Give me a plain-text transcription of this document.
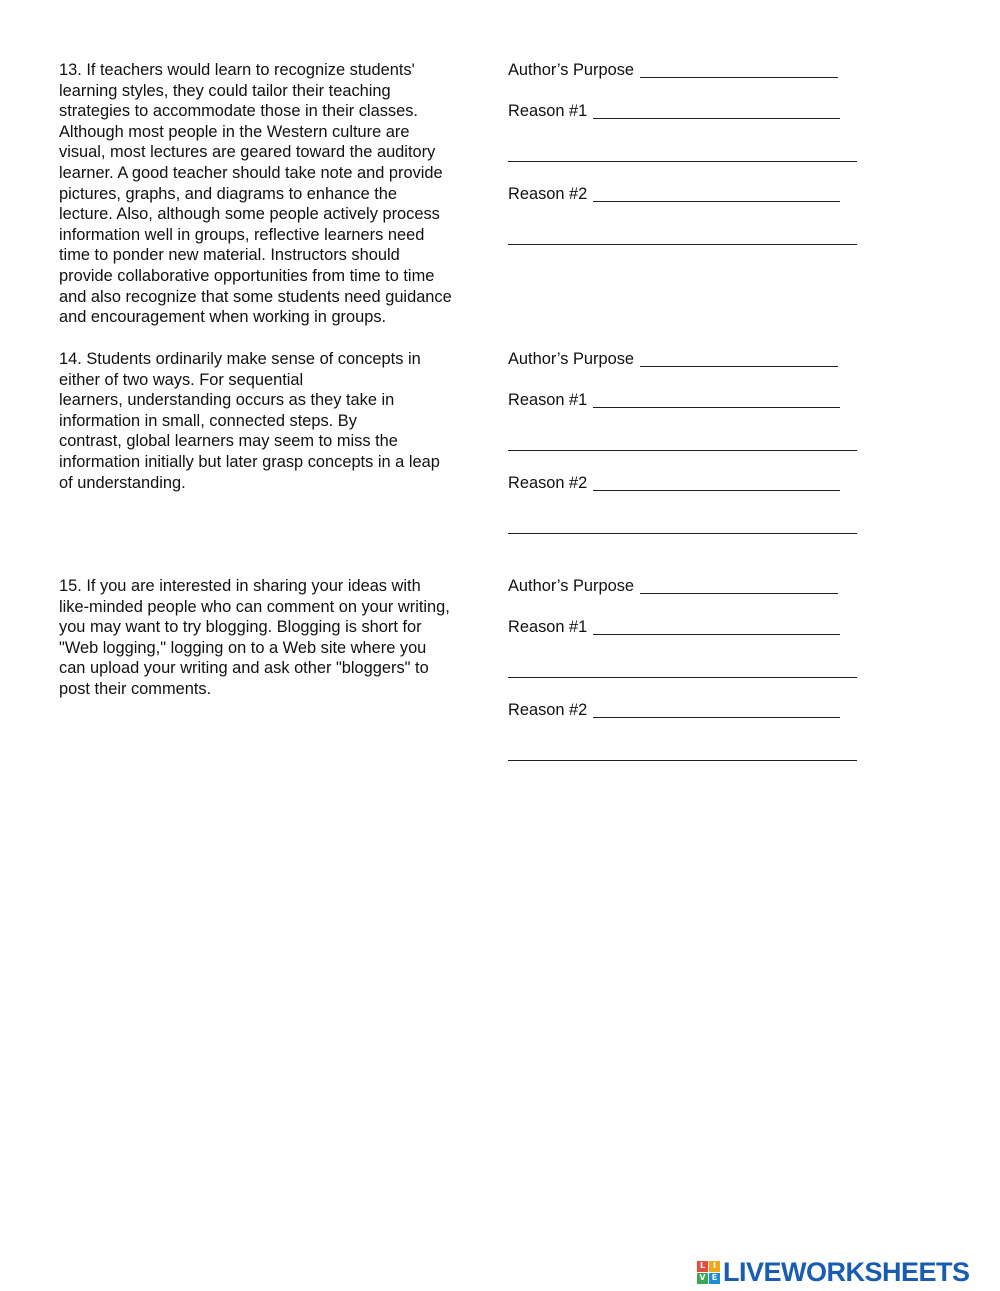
13. If teachers would learn to recognize students'
learning styles, they could tailor their teaching
strategies to accommodate those in their classes.
Although most people in the Western culture are
visual, most lectures are geared toward the auditory
learner. A good teacher should take note and provide
pictures, graphs, and diagrams to enhance the
lecture. Also, although some people actively process
information well in groups, reflective learners need
time to ponder new material. Instructors should
provide collaborative opportunities from time to time
and also recognize that some students need guidance
and encouragement when working in groups.
Author’s Purpose
Reason #1
Reason #2
14. Students ordinarily make sense of concepts in
either of two ways. For sequential
learners, understanding occurs as they take in
information in small, connected steps. By
contrast, global learners may seem to miss the
information initially but later grasp concepts in a leap
of understanding.
Author’s Purpose
Reason #1
Reason #2
15. If you are interested in sharing your ideas with
like-minded people who can comment on your writing,
you may want to try blogging. Blogging is short for
"Web logging," logging on to a Web site where you
can upload your writing and ask other "bloggers" to
post their comments.
Author’s Purpose
Reason #1
Reason #2
L I
V E LIVEWORKSHEETS
